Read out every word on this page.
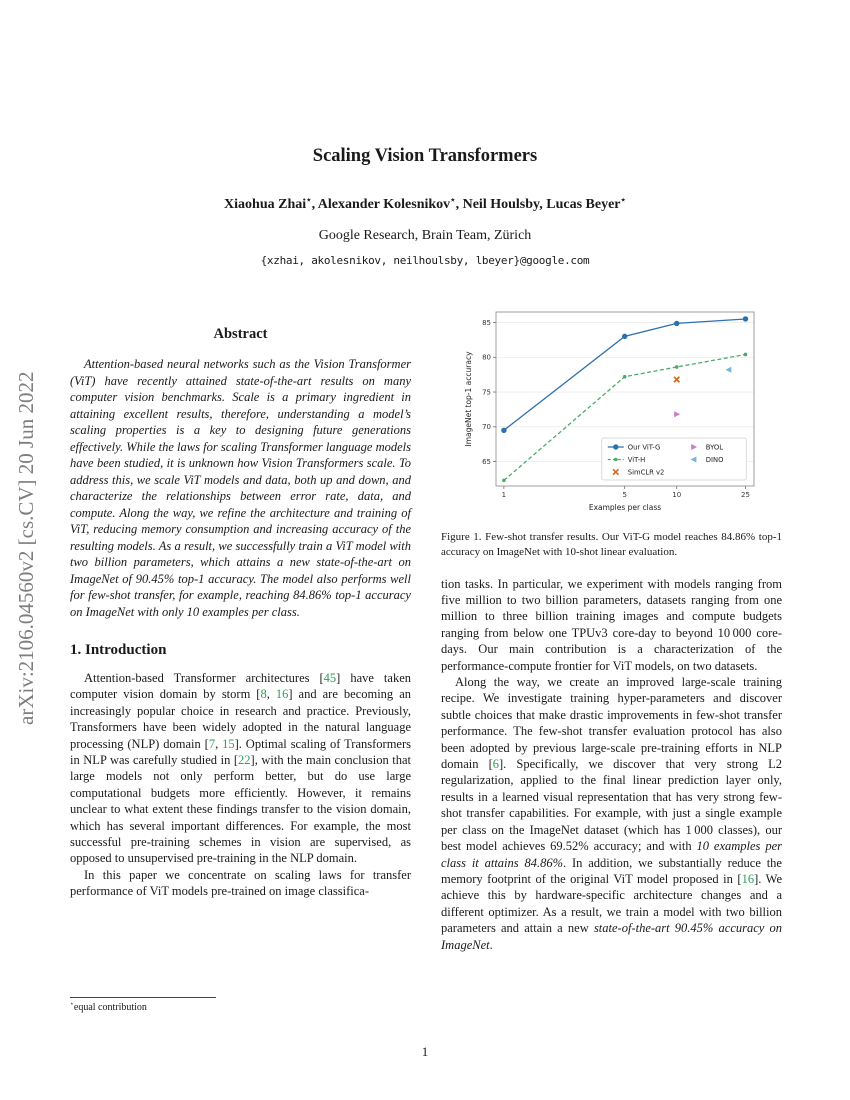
arXiv:2106.04560v2 [cs.CV] 20 Jun 2022
Scaling Vision Transformers
Xiaohua Zhai⋆, Alexander Kolesnikov⋆, Neil Houlsby, Lucas Beyer⋆
Google Research, Brain Team, Zürich
{xzhai, akolesnikov, neilhoulsby, lbeyer}@google.com
Abstract

Attention-based neural networks such as the Vision Transformer (ViT) have recently attained state-of-the-art results on many computer vision benchmarks. Scale is a primary ingredient in attaining excellent results, therefore, understanding a model’s scaling properties is a key to designing future generations effectively. While the laws for scaling Transformer language models have been studied, it is unknown how Vision Transformers scale. To address this, we scale ViT models and data, both up and down, and characterize the relationships between error rate, data, and compute. Along the way, we refine the architecture and training of ViT, reducing memory consumption and increasing accuracy of the resulting models. As a result, we successfully train a ViT model with two billion parameters, which attains a new state-of-the-art on ImageNet of 90.45% top-1 accuracy. The model also performs well for few-shot transfer, for example, reaching 84.86% top-1 accuracy on ImageNet with only 10 examples per class.

1. Introduction

Attention-based Transformer architectures [45] have taken computer vision domain by storm [8, 16] and are becoming an increasingly popular choice in research and practice. Previously, Transformers have been widely adopted in the natural language processing (NLP) domain [7, 15]. Optimal scaling of Transformers in NLP was carefully studied in [22], with the main conclusion that large models not only perform better, but do use large computational budgets more efficiently. However, it remains unclear to what extent these findings transfer to the vision domain, which has several important differences. For example, the most successful pre-training schemes in vision are supervised, as opposed to unsupervised pre-training in the NLP domain.

In this paper we concentrate on scaling laws for transfer performance of ViT models pre-trained on image classifica-

65
70
75
80
85
1	5	10	25
Examples per class
ImageNet top-1 accuracy
Our ViT-G
ViT-H
SimCLR v2
BYOL
DINO
Figure 1. Few-shot transfer results. Our ViT-G model reaches 84.86% top-1 accuracy on ImageNet with 10-shot linear evaluation.

tion tasks. In particular, we experiment with models ranging from five million to two billion parameters, datasets ranging from one million to three billion training images and compute budgets ranging from below one TPUv3 core-day to beyond 10 000 core-days. Our main contribution is a characterization of the performance-compute frontier for ViT models, on two datasets.

Along the way, we create an improved large-scale training recipe. We investigate training hyper-parameters and discover subtle choices that make drastic improvements in few-shot transfer performance. The few-shot transfer evaluation protocol has also been adopted by previous large-scale pre-training efforts in NLP domain [6]. Specifically, we discover that very strong L2 regularization, applied to the final linear prediction layer only, results in a learned visual representation that has very strong few-shot transfer capabilities. For example, with just a single example per class on the ImageNet dataset (which has 1 000 classes), our best model achieves 69.52% accuracy; and with 10 examples per class it attains 84.86%. In addition, we substantially reduce the memory footprint of the original ViT model proposed in [16]. We achieve this by hardware-specific architecture changes and a different optimizer. As a result, we train a model with two billion parameters and attain a new state-of-the-art 90.45% accuracy on ImageNet.

⋆equal contribution
1
